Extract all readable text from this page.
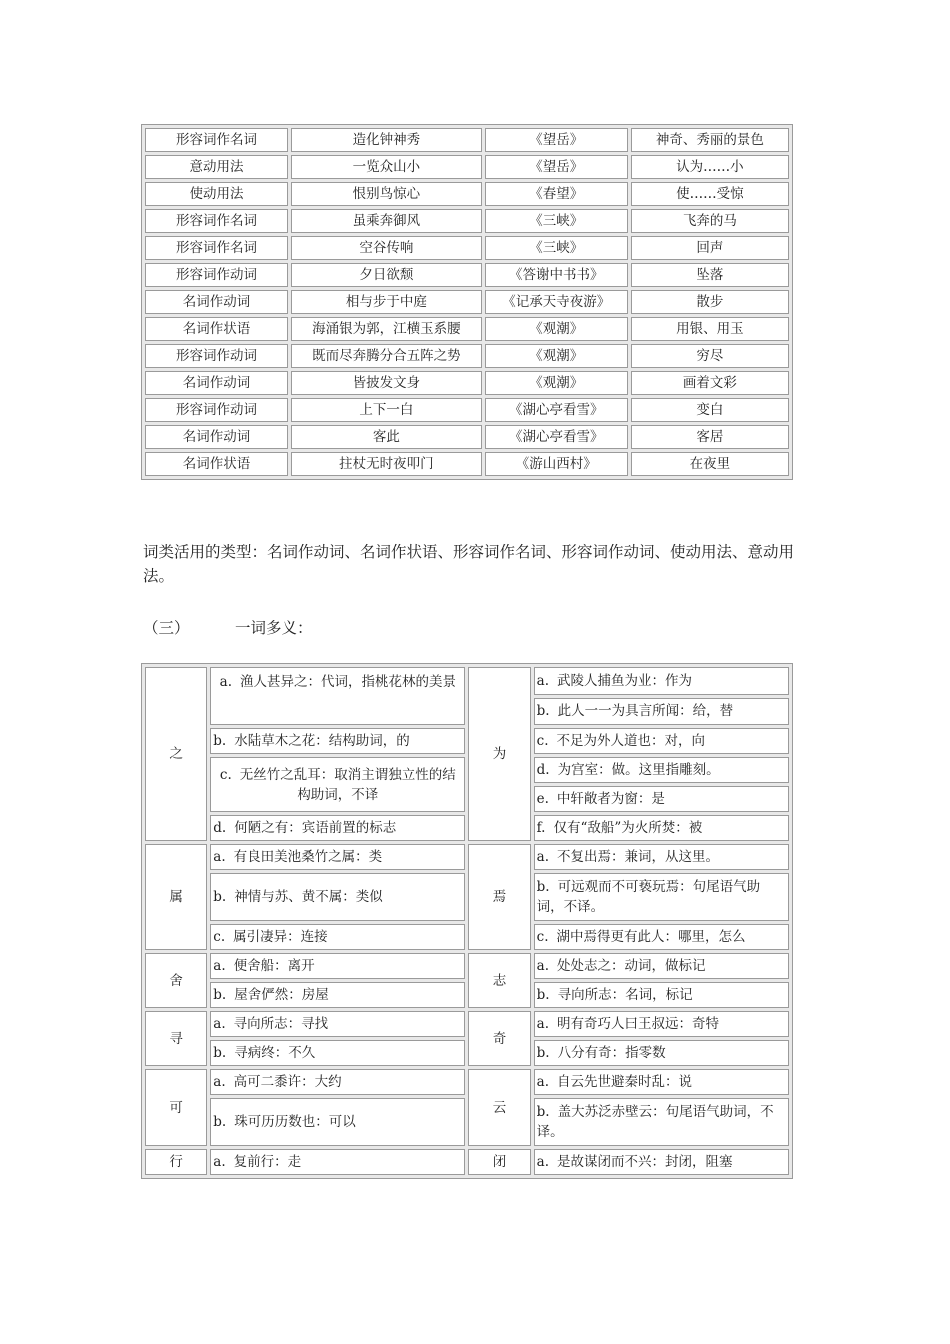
形容词作名词	造化钟神秀	《望岳》	神奇、秀丽的景色
意动用法	一览众山小	《望岳》	认为……小
使动用法	恨别鸟惊心	《春望》	使……受惊
形容词作名词	虽乘奔御风	《三峡》	飞奔的马
形容词作名词	空谷传响	《三峡》	回声
形容词作动词	夕日欲颓	《答谢中书书》	坠落
名词作动词	相与步于中庭	《记承天寺夜游》	散步
名词作状语	海涌银为郭，江横玉系腰	《观潮》	用银、用玉
形容词作动词	既而尽奔腾分合五阵之势	《观潮》	穷尽
名词作动词	皆披发文身	《观潮》	画着文彩
形容词作动词	上下一白	《湖心亭看雪》	变白
名词作动词	客此	《湖心亭看雪》	客居
名词作状语	拄杖无时夜叩门	《游山西村》	在夜里
词类活用的类型：名词作动词、名词作状语、形容词作名词、形容词作动词、使动用法、意动用法。
（三）	一词多义：
之	a. 渔人甚异之：代词，指桃花林的美景	为	a. 武陵人捕鱼为业：作为
			b. 此人一一为具言所闻：给，替
	b. 水陆草木之花：结构助词，的		c. 不足为外人道也：对，向
	c. 无丝竹之乱耳：取消主谓独立性的结构助词，不译		d. 为宫室：做。这里指雕刻。
			e. 中轩敞者为窗：是
	d. 何陋之有：宾语前置的标志		f. 仅有“敌船”为火所焚：被
属	a. 有良田美池桑竹之属：类	焉	a. 不复出焉：兼词，从这里。
	b. 神情与苏、黄不属：类似		b. 可远观而不可亵玩焉：句尾语气助词，不译。
	c. 属引凄异：连接		c. 湖中焉得更有此人：哪里，怎么
舍	a. 便舍船：离开	志	a. 处处志之：动词，做标记
	b. 屋舍俨然：房屋		b. 寻向所志：名词，标记
寻	a. 寻向所志：寻找	奇	a. 明有奇巧人曰王叔远：奇特
	b. 寻病终：不久		b. 八分有奇：指零数
可	a. 高可二黍许：大约	云	a. 自云先世避秦时乱：说
	b. 珠可历历数也：可以		b. 盖大苏泛赤壁云：句尾语气助词，不译。
行	a. 复前行：走	闭	a. 是故谋闭而不兴：封闭，阻塞
